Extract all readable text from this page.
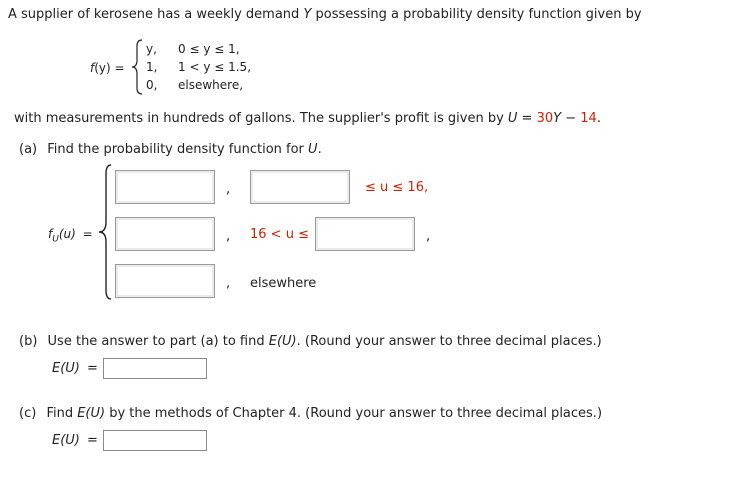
A supplier of kerosene has a weekly demand Y possessing a probability density function given by
f(y) =
y, 0 ≤ y ≤ 1,
1, 1 < y ≤ 1.5,
0, elsewhere,
with measurements in hundreds of gallons. The supplier's profit is given by U = 30Y − 14.
(a) Find the probability density function for U.
$f_U(u)$ =
,	≤ u ≤ 16,
, 16 < u ≤	,
, elsewhere
(b) Use the answer to part (a) to find E(U). (Round your answer to three decimal places.)
E(U) =
(c) Find E(U) by the methods of Chapter 4. (Round your answer to three decimal places.)
E(U) =
